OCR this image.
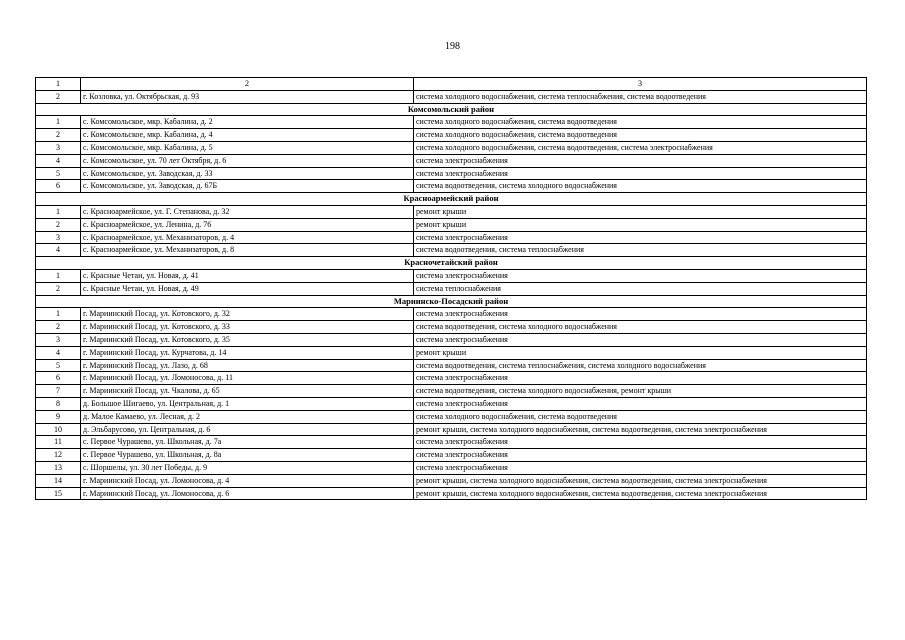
198
1	2	3
2	г. Козловка, ул. Октябрьская, д. 93	система холодного водоснабжения, система теплоснабжения, система водоотведения
Комсомольский район		
1	с. Комсомольское, мкр. Кабалина, д. 2	система холодного водоснабжения, система водоотведения
2	с. Комсомольское, мкр. Кабалина, д. 4	система холодного водоснабжения, система водоотведения
3	с. Комсомольское, мкр. Кабалина, д. 5	система холодного водоснабжения, система водоотведения, система электроснабжения
4	с. Комсомольское, ул. 70 лет Октября, д. 6	система электроснабжения
5	с. Комсомольское, ул. Заводская, д. 33	система электроснабжения
6	с. Комсомольское, ул. Заводская, д. 67Б	система водоотведения, система холодного водоснабжения
Красноармейский район		
1	с. Красноармейское, ул. Г. Степанова, д. 32	ремонт крыши
2	с. Красноармейское, ул. Ленина, д. 76	ремонт крыши
3	с. Красноармейское, ул. Механизаторов, д. 4	система электроснабжения
4	с. Красноармейское, ул. Механизаторов, д. 8	система водоотведения, система теплоснабжения
Красночетайский район		
1	с. Красные Четаи, ул. Новая, д. 41	система электроснабжения
2	с. Красные Четаи, ул. Новая, д. 49	система теплоснабжения
Мариинско-Посадский район		
1	г. Мариинский Посад, ул. Котовского, д. 32	система электроснабжения
2	г. Мариинский Посад, ул. Котовского, д. 33	система водоотведения, система холодного водоснабжения
3	г. Мариинский Посад, ул. Котовского, д. 35	система электроснабжения
4	г. Мариинский Посад, ул. Курчатова, д. 14	ремонт крыши
5	г. Мариинский Посад, ул. Лазо, д. 68	система водоотведения, система теплоснабжения, система холодного водоснабжения
6	г. Мариинский Посад, ул. Ломоносова, д. 11	система электроснабжения
7	г. Мариинский Посад, ул. Чкалова, д. 65	система водоотведения, система холодного водоснабжения, ремонт крыши
8	д. Большое Шигаево, ул. Центральная, д. 1	система электроснабжения
9	д. Малое Камаево, ул. Лесная, д. 2	система холодного водоснабжения, система водоотведения
10	д. Эльбарусово, ул. Центральная, д. 6	ремонт крыши, система холодного водоснабжения, система водоотведения, система электроснабжения
11	с. Первое Чурашево, ул. Школьная, д. 7а	система электроснабжения
12	с. Первое Чурашево, ул. Школьная, д. 8а	система электроснабжения
13	с. Шоршелы, ул. 30 лет Победы, д. 9	система электроснабжения
14	г. Мариинский Посад, ул. Ломоносова, д. 4	ремонт крыши, система холодного водоснабжения, система водоотведения, система электроснабжения
15	г. Мариинский Посад, ул. Ломоносова, д. 6	ремонт крыши, система холодного водоснабжения, система водоотведения, система электроснабжения
